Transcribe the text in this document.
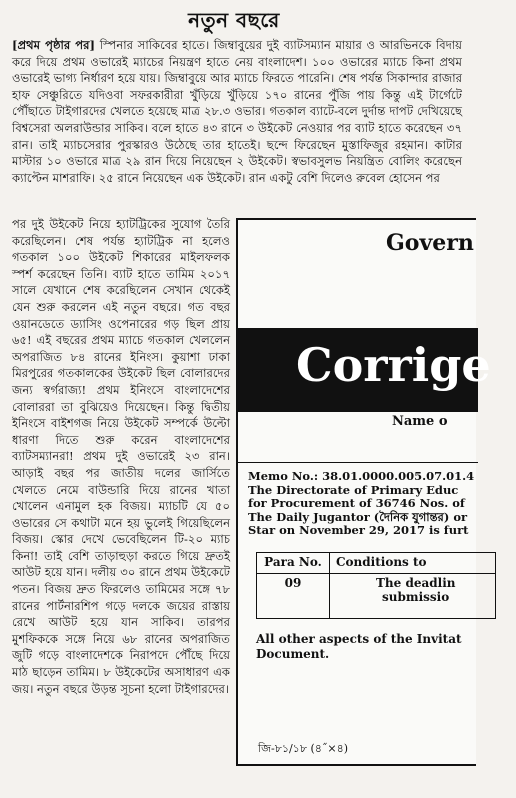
নতুন বছরে

[প্রথম পৃষ্ঠার পর] স্পিনার সাকিবের হাতে। জিম্বাবুয়ের দুই ব্যাটসম্যান মায়ার ও আরভিনকে বিদায় করে দিয়ে প্রথম ওভারেই ম্যাচের নিয়ন্ত্রণ হাতে নেয় বাংলাদেশ। ১০০ ওভারের ম্যাচে কিনা প্রথম ওভারেই ভাগ্য নির্ধারণ হয়ে যায়। জিম্বাবুয়ে আর ম্যাচে ফিরতে পারেনি। শেষ পর্যন্ত সিকান্দার রাজার হাফ সেঞ্চুরিতে যদিওবা সফরকারীরা খুঁড়িয়ে খুঁড়িয়ে ১৭০ রানের পুঁজি পায় কিন্তু এই টার্গেটে পৌঁছাতে টাইগারদের খেলতে হয়েছে মাত্র ২৮.৩ ওভার। গতকাল ব্যাটে-বলে দুর্দান্ত দাপট দেখিয়েছে বিশ্বসেরা অলরাউন্ডার সাকিব। বলে হাতে ৪৩ রানে ৩ উইকেট নেওয়ার পর ব্যাট হাতে করেছেন ৩৭ রান। তাই ম্যাচসেরার পুরস্কারও উঠেছে তার হাতেই। ছন্দে ফিরেছেন মুস্তাফিজুর রহমান। কাটার মাস্টার ১০ ওভারে মাত্র ২৯ রান দিয়ে নিয়েছেন ২ উইকেট। স্বভাবসুলভ নিয়ন্ত্রিত বোলিং করেছেন ক্যাপ্টেন মাশরাফি। ২৫ রানে নিয়েছেন এক উইকেট। রান একটু বেশি দিলেও রুবেল হোসেন পর

পর দুই উইকেট নিয়ে হ্যাটট্রিকের সুযোগ তৈরি করেছিলেন। শেষ পর্যন্ত হ্যাটট্রিক না হলেও গতকাল ১০০ উইকেট শিকারের মাইলফলক স্পর্শ করেছেন তিনি। ব্যাট হাতে তামিম ২০১৭ সালে যেখানে শেষ করেছিলেন সেখান থেকেই যেন শুরু করলেন এই নতুন বছরে। গত বছর ওয়ানডেতে ড্যাসিং ওপেনারের গড় ছিল প্রায় ৬৫! এই বছরের প্রথম ম্যাচে গতকাল খেললেন অপরাজিত ৮৪ রানের ইনিংস। কুয়াশা ঢাকা মিরপুরের গতকালকের উইকেট ছিল বোলারদের জন্য স্বর্গরাজ্য! প্রথম ইনিংসে বাংলাদেশের বোলাররা তা বুঝিয়েও দিয়েছেন। কিন্তু দ্বিতীয় ইনিংসে বাইশগজ নিয়ে উইকেট সম্পর্কে উল্টো ধারণা দিতে শুরু করেন বাংলাদেশের ব্যাটসম্যানরা! প্রথম দুই ওভারেই ২৩ রান। আড়াই বছর পর জাতীয় দলের জার্সিতে খেলতে নেমে বাউন্ডারি দিয়ে রানের খাতা খোলেন এনামুল হক বিজয়। ম্যাচটি যে ৫০ ওভারের সে কথাটা মনে হয় ভুলেই গিয়েছিলেন বিজয়। স্কোর দেখে ভেবেছিলেন টি-২০ ম্যাচ কিনা! তাই বেশি তাড়াহুড়া করতে গিয়ে দ্রুতই আউট হয়ে যান। দলীয় ৩০ রানে প্রথম উইকেটে পতন। বিজয় দ্রুত ফিরলেও তামিমের সঙ্গে ৭৮ রানের পার্টনারশিপ গড়ে দলকে জয়ের রাস্তায় রেখে আউট হয়ে যান সাকিব। তারপর মুশফিককে সঙ্গে নিয়ে ৬৮ রানের অপরাজিত জুটি গড়ে বাংলাদেশকে নিরাপদে পৌঁছে দিয়ে মাঠ ছাড়েন তামিম। ৮ উইকেটের অসাধারণ এক জয়। নতুন বছরে উড়ন্ত সূচনা হলো টাইগারদের।

Govern
Corrige
Name o
Memo No.: 38.01.0000.005.07.01.4
The Directorate of Primary Educ
for Procurement of 36746 Nos. of
The Daily Jugantor (দৈনিক যুগান্তর) or
Star on November 29, 2017 is furt
Para No.	Conditions to
09	The deadlin
submissio
All other aspects of the Invitat
Document.
জি-৮১/১৮ (৪˝×৪)
